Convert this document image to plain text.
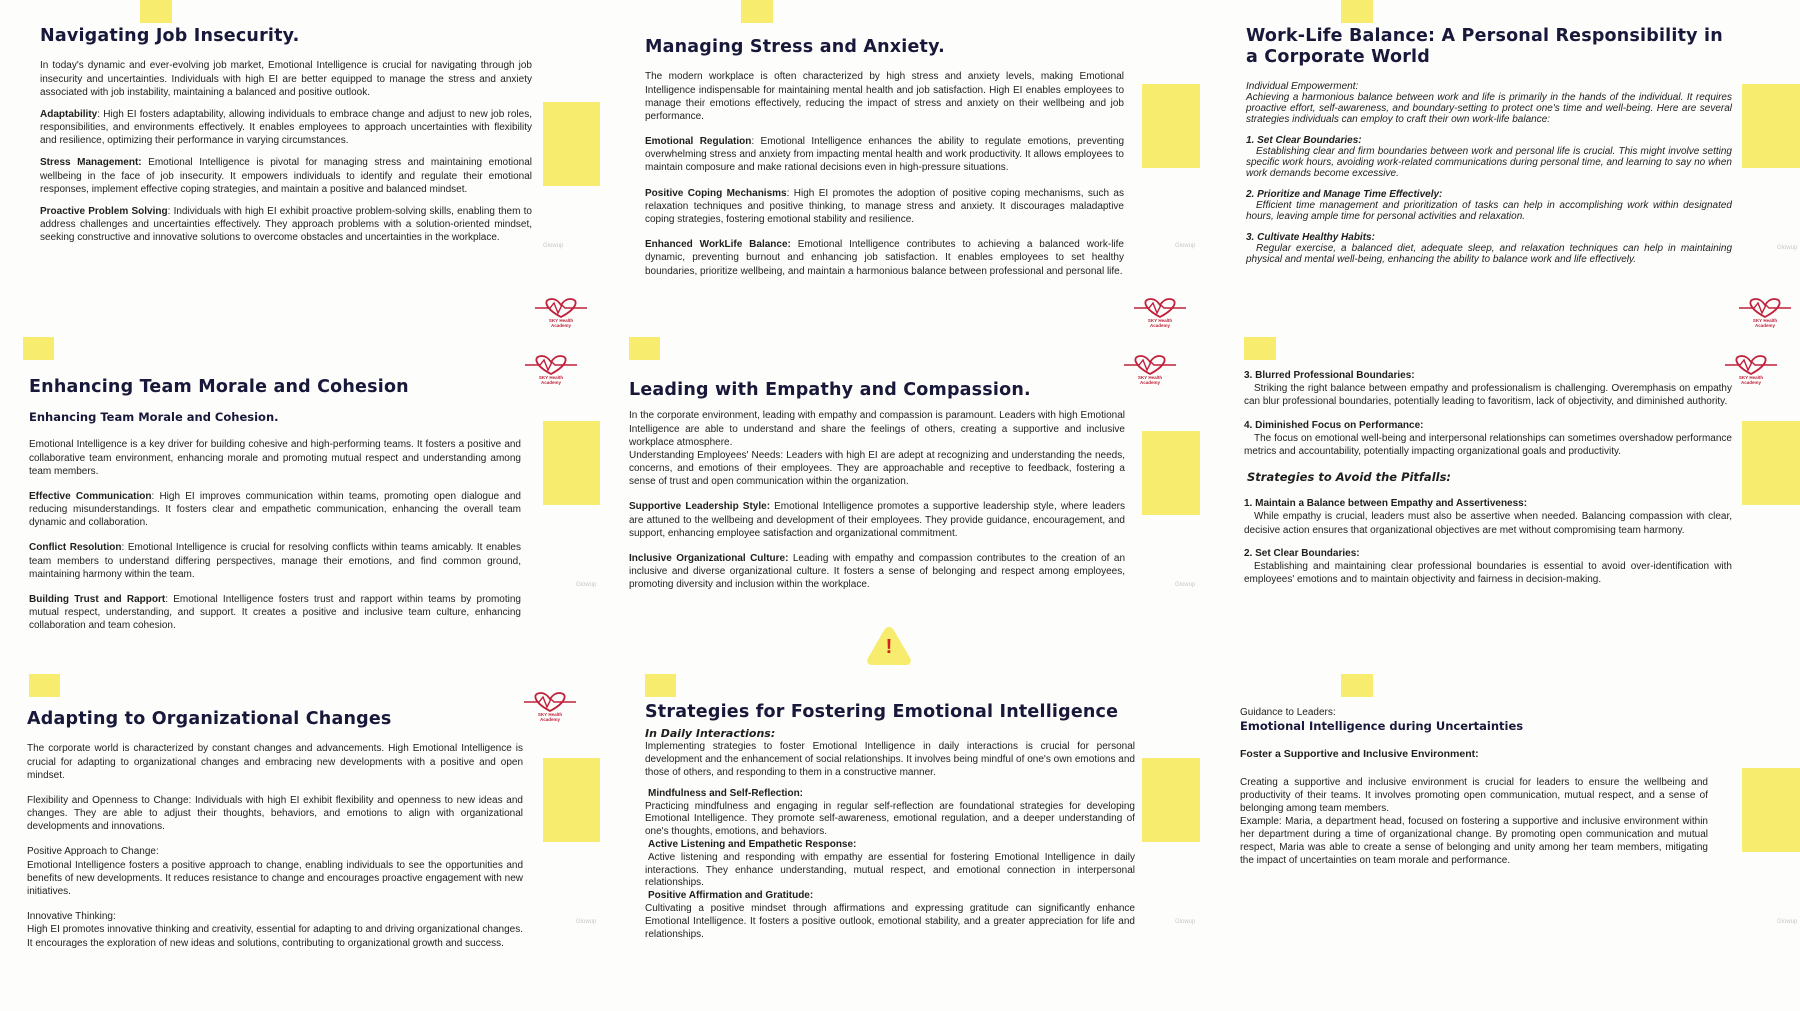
Navigating Job Insecurity.

In today's dynamic and ever-evolving job market, Emotional Intelligence is crucial for navigating through job insecurity and uncertainties. Individuals with high EI are better equipped to manage the stress and anxiety associated with job instability, maintaining a balanced and positive outlook.

Adaptability: High EI fosters adaptability, allowing individuals to embrace change and adjust to new job roles, responsibilities, and environments effectively. It enables employees to approach uncertainties with flexibility and resilience, optimizing their performance in varying circumstances.

Stress Management: Emotional Intelligence is pivotal for managing stress and maintaining emotional wellbeing in the face of job insecurity. It empowers individuals to identify and regulate their emotional responses, implement effective coping strategies, and maintain a positive and balanced mindset.

Proactive Problem Solving: Individuals with high EI exhibit proactive problem-solving skills, enabling them to address challenges and uncertainties effectively. They approach problems with a solution-oriented mindset, seeking constructive and innovative solutions to overcome obstacles and uncertainties in the workplace.

SKY Health
Academy
Glowup
Managing Stress and Anxiety.

The modern workplace is often characterized by high stress and anxiety levels, making Emotional Intelligence indispensable for maintaining mental health and job satisfaction. High EI enables employees to manage their emotions effectively, reducing the impact of stress and anxiety on their wellbeing and job performance.

Emotional Regulation: Emotional Intelligence enhances the ability to regulate emotions, preventing overwhelming stress and anxiety from impacting mental health and work productivity. It allows employees to maintain composure and make rational decisions even in high-pressure situations.

Positive Coping Mechanisms: High EI promotes the adoption of positive coping mechanisms, such as relaxation techniques and positive thinking, to manage stress and anxiety. It discourages maladaptive coping strategies, fostering emotional stability and resilience.

Enhanced WorkLife Balance: Emotional Intelligence contributes to achieving a balanced work-life dynamic, preventing burnout and enhancing job satisfaction. It enables employees to set healthy boundaries, prioritize wellbeing, and maintain a harmonious balance between professional and personal life.

SKY Health
Academy
Glowup
Work-Life Balance: A Personal Responsibility in a Corporate World
Individual Empowerment:

Achieving a harmonious balance between work and life is primarily in the hands of the individual. It requires proactive effort, self-awareness, and boundary-setting to protect one's time and well-being. Here are several strategies individuals can employ to craft their own work-life balance:

1. Set Clear Boundaries:

Establishing clear and firm boundaries between work and personal life is crucial. This might involve setting specific work hours, avoiding work-related communications during personal time, and learning to say no when work demands become excessive.

2. Prioritize and Manage Time Effectively:

Efficient time management and prioritization of tasks can help in accomplishing work within designated hours, leaving ample time for personal activities and relaxation.

3. Cultivate Healthy Habits:

Regular exercise, a balanced diet, adequate sleep, and relaxation techniques can help in maintaining physical and mental well-being, enhancing the ability to balance work and life effectively.

SKY Health
Academy
Glowup
SKY Health
Academy
Enhancing Team Morale and Cohesion
Enhancing Team Morale and Cohesion.

Emotional Intelligence is a key driver for building cohesive and high-performing teams. It fosters a positive and collaborative team environment, enhancing morale and promoting mutual respect and understanding among team members.

Effective Communication: High EI improves communication within teams, promoting open dialogue and reducing misunderstandings. It fosters clear and empathetic communication, enhancing the overall team dynamic and collaboration.

Conflict Resolution: Emotional Intelligence is crucial for resolving conflicts within teams amicably. It enables team members to understand differing perspectives, manage their emotions, and find common ground, maintaining harmony within the team.

Building Trust and Rapport: Emotional Intelligence fosters trust and rapport within teams by promoting mutual respect, understanding, and support. It creates a positive and inclusive team culture, enhancing collaboration and team cohesion.

Glowup
SKY Health
Academy
Leading with Empathy and Compassion.

In the corporate environment, leading with empathy and compassion is paramount. Leaders with high Emotional Intelligence are able to understand and share the feelings of others, creating a supportive and inclusive workplace atmosphere.

Understanding Employees' Needs: Leaders with high EI are adept at recognizing and understanding the needs, concerns, and emotions of their employees. They are approachable and receptive to feedback, fostering a sense of trust and open communication within the organization.

Supportive Leadership Style: Emotional Intelligence promotes a supportive leadership style, where leaders are attuned to the wellbeing and development of their employees. They provide guidance, encouragement, and support, enhancing employee satisfaction and organizational commitment.

Inclusive Organizational Culture: Leading with empathy and compassion contributes to the creation of an inclusive and diverse organizational culture. It fosters a sense of belonging and respect among employees, promoting diversity and inclusion within the workplace.

!
Glowup
SKY Health
Academy
3. Blurred Professional Boundaries:

Striking the right balance between empathy and professionalism is challenging. Overemphasis on empathy can blur professional boundaries, potentially leading to favoritism, lack of objectivity, and diminished authority.

4. Diminished Focus on Performance:

The focus on emotional well-being and interpersonal relationships can sometimes overshadow performance metrics and accountability, potentially impacting organizational goals and productivity.

Strategies to Avoid the Pitfalls:
1. Maintain a Balance between Empathy and Assertiveness:

While empathy is crucial, leaders must also be assertive when needed. Balancing compassion with clear, decisive action ensures that organizational objectives are met without compromising team harmony.

2. Set Clear Boundaries:

Establishing and maintaining clear professional boundaries is essential to avoid over-identification with employees' emotions and to maintain objectivity and fairness in decision-making.

SKY Health
Academy
Adapting to Organizational Changes

The corporate world is characterized by constant changes and advancements. High Emotional Intelligence is crucial for adapting to organizational changes and embracing new developments with a positive and open mindset.

Flexibility and Openness to Change: Individuals with high EI exhibit flexibility and openness to new ideas and changes. They are able to adjust their thoughts, behaviors, and emotions to align with organizational developments and innovations.

Positive Approach to Change:

Emotional Intelligence fosters a positive approach to change, enabling individuals to see the opportunities and benefits of new developments. It reduces resistance to change and encourages proactive engagement with new initiatives.

Innovative Thinking:

High EI promotes innovative thinking and creativity, essential for adapting to and driving organizational changes. It encourages the exploration of new ideas and solutions, contributing to organizational growth and success.

Glowup
Strategies for Fostering Emotional Intelligence
In Daily Interactions:

Implementing strategies to foster Emotional Intelligence in daily interactions is crucial for personal development and the enhancement of social relationships. It involves being mindful of one's own emotions and those of others, and responding to them in a constructive manner.

Mindfulness and Self-Reflection:

Practicing mindfulness and engaging in regular self-reflection are foundational strategies for developing Emotional Intelligence. They promote self-awareness, emotional regulation, and a deeper understanding of one's thoughts, emotions, and behaviors.

Active Listening and Empathetic Response:

Active listening and responding with empathy are essential for fostering Emotional Intelligence in daily interactions. They enhance understanding, mutual respect, and emotional connection in interpersonal relationships.

Positive Affirmation and Gratitude:

Cultivating a positive mindset through affirmations and expressing gratitude can significantly enhance Emotional Intelligence. It fosters a positive outlook, emotional stability, and a greater appreciation for life and relationships.

Glowup
Guidance to Leaders:
Emotional Intelligence during Uncertainties
Foster a Supportive and Inclusive Environment:

Creating a supportive and inclusive environment is crucial for leaders to ensure the wellbeing and productivity of their teams. It involves promoting open communication, mutual respect, and a sense of belonging among team members.

Example: Maria, a department head, focused on fostering a supportive and inclusive environment within her department during a time of organizational change. By promoting open communication and mutual respect, Maria was able to create a sense of belonging and unity among her team members, mitigating the impact of uncertainties on team morale and performance.

Glowup
